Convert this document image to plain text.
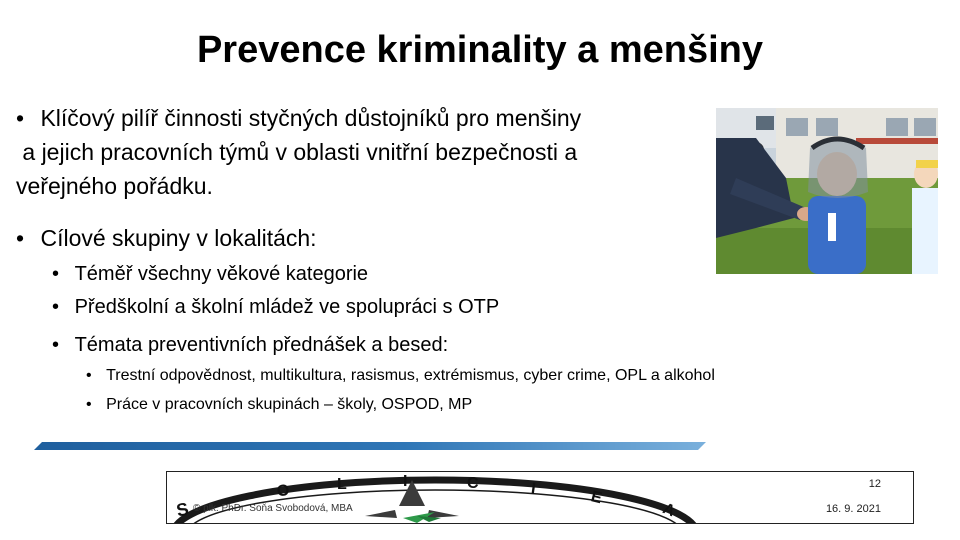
Prevence kriminality a menšiny
• Klíčový pilíř činnosti styčných důstojníků pro menšiny
a jejich pracovních týmů v oblasti vnitřní bezpečnosti a
veřejného pořádku.
• Cílové skupiny v lokalitách:
• Téměř všechny věkové kategorie
• Předškolní a školní mládež ve spolupráci s OTP
• Témata preventivních přednášek a besed:
• Trestní odpovědnost, multikultura, rasismus, extrémismus, cyber crime, OPL a alkohol
• Práce v pracovních skupinách – školy, OSPOD, MP
S
O	L	I	C	I	E
A
12
© plk. PhDr. Soňa Svobodová, MBA	16. 9. 2021
